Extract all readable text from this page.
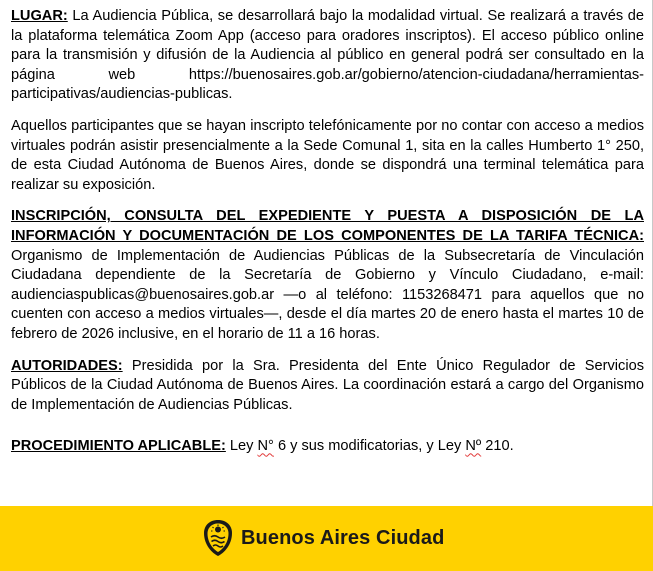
LUGAR: La Audiencia Pública, se desarrollará bajo la modalidad virtual. Se realizará a través de la plataforma telemática Zoom App (acceso para oradores inscriptos). El acceso público online para la transmisión y difusión de la Audiencia al público en general podrá ser consultado en la página web https://buenosaires.gob.ar/gobierno/atencion-ciudadana/herramientas-participativas/audiencias-publicas.

Aquellos participantes que se hayan inscripto telefónicamente por no contar con acceso a medios virtuales podrán asistir presencialmente a la Sede Comunal 1, sita en la calles Humberto 1° 250, de esta Ciudad Autónoma de Buenos Aires, donde se dispondrá una terminal telemática para realizar su exposición.

INSCRIPCIÓN, CONSULTA DEL EXPEDIENTE Y PUESTA A DISPOSICIÓN DE LA INFORMACIÓN Y DOCUMENTACIÓN DE LOS COMPONENTES DE LA TARIFA TÉCNICA: Organismo de Implementación de Audiencias Públicas de la Subsecretaría de Vinculación Ciudadana dependiente de la Secretaría de Gobierno y Vínculo Ciudadano, e-mail: audienciaspublicas@buenosaires.gob.ar —o al teléfono: 1153268471 para aquellos que no cuenten con acceso a medios virtuales—, desde el día martes 20 de enero hasta el martes 10 de febrero de 2026 inclusive, en el horario de 11 a 16 horas.

AUTORIDADES: Presidida por la Sra. Presidenta del Ente Único Regulador de Servicios Públicos de la Ciudad Autónoma de Buenos Aires. La coordinación estará a cargo del Organismo de Implementación de Audiencias Públicas.

PROCEDIMIENTO APLICABLE: Ley N° 6 y sus modificatorias, y Ley Nº 210.

Buenos Aires Ciudad
